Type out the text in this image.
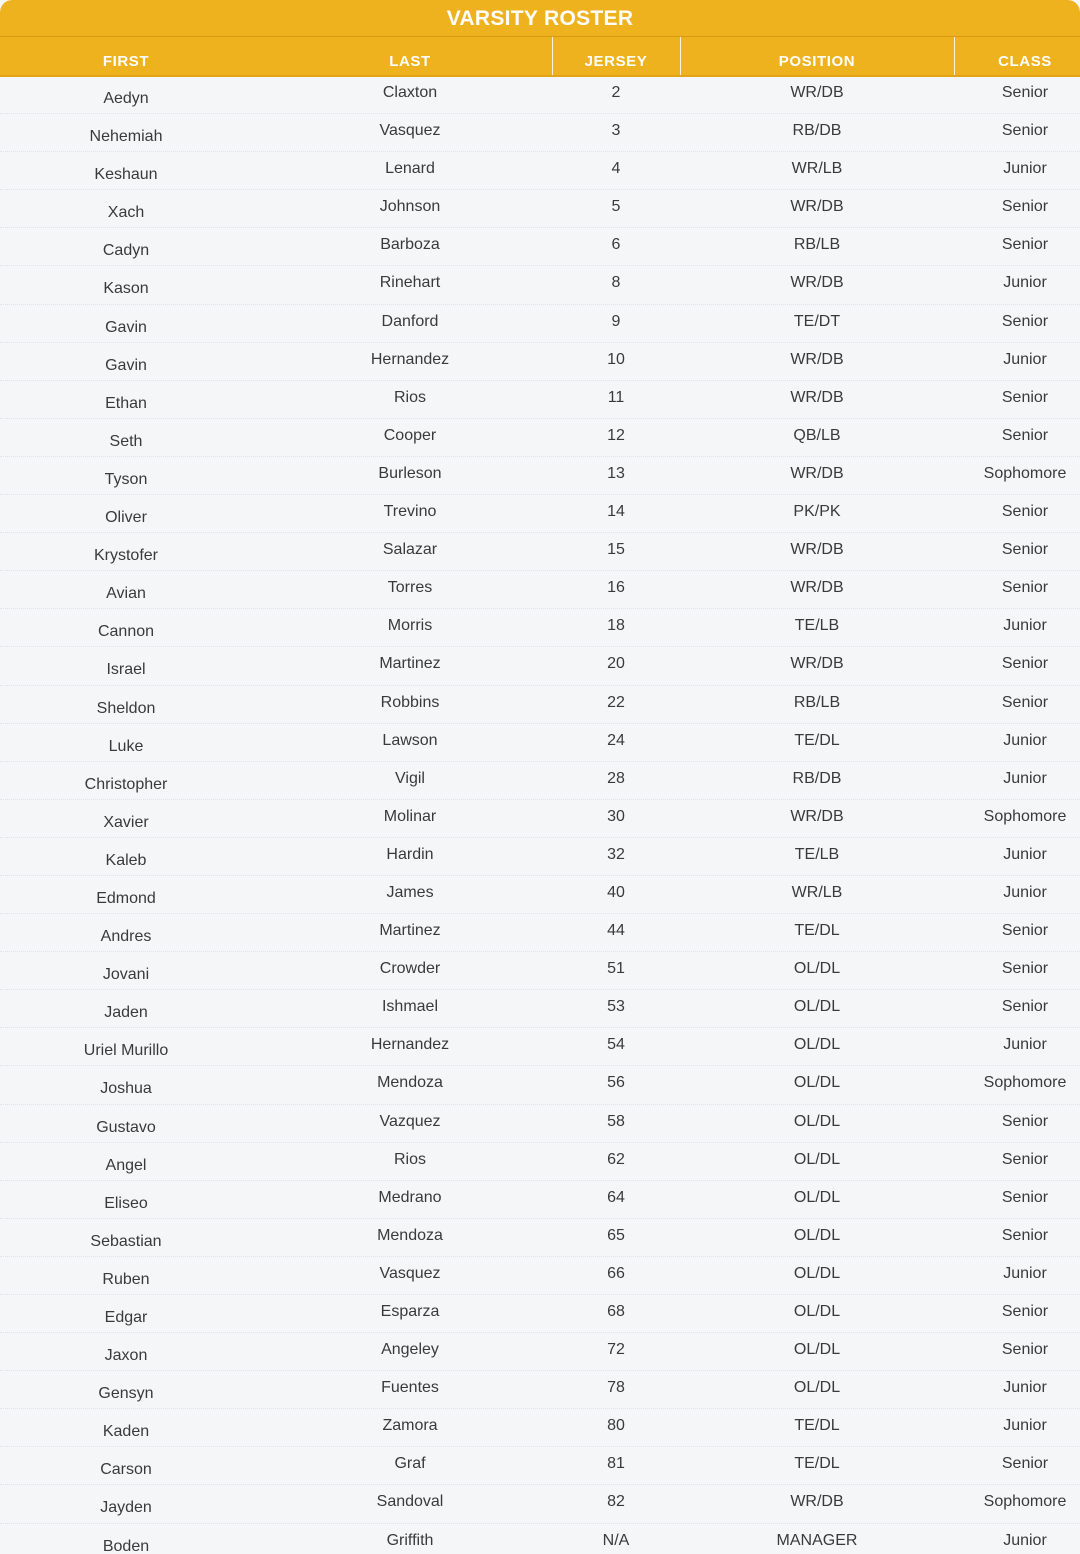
VARSITY ROSTER
FIRST	LAST	JERSEY	POSITION	CLASS
Aedyn	Claxton	2	WR/DB	Senior
Nehemiah	Vasquez	3	RB/DB	Senior
Keshaun	Lenard	4	WR/LB	Junior
Xach	Johnson	5	WR/DB	Senior
Cadyn	Barboza	6	RB/LB	Senior
Kason	Rinehart	8	WR/DB	Junior
Gavin	Danford	9	TE/DT	Senior
Gavin	Hernandez	10	WR/DB	Junior
Ethan	Rios	11	WR/DB	Senior
Seth	Cooper	12	QB/LB	Senior
Tyson	Burleson	13	WR/DB	Sophomore
Oliver	Trevino	14	PK/PK	Senior
Krystofer	Salazar	15	WR/DB	Senior
Avian	Torres	16	WR/DB	Senior
Cannon	Morris	18	TE/LB	Junior
Israel	Martinez	20	WR/DB	Senior
Sheldon	Robbins	22	RB/LB	Senior
Luke	Lawson	24	TE/DL	Junior
Christopher	Vigil	28	RB/DB	Junior
Xavier	Molinar	30	WR/DB	Sophomore
Kaleb	Hardin	32	TE/LB	Junior
Edmond	James	40	WR/LB	Junior
Andres	Martinez	44	TE/DL	Senior
Jovani	Crowder	51	OL/DL	Senior
Jaden	Ishmael	53	OL/DL	Senior
Uriel Murillo	Hernandez	54	OL/DL	Junior
Joshua	Mendoza	56	OL/DL	Sophomore
Gustavo	Vazquez	58	OL/DL	Senior
Angel	Rios	62	OL/DL	Senior
Eliseo	Medrano	64	OL/DL	Senior
Sebastian	Mendoza	65	OL/DL	Senior
Ruben	Vasquez	66	OL/DL	Junior
Edgar	Esparza	68	OL/DL	Senior
Jaxon	Angeley	72	OL/DL	Senior
Gensyn	Fuentes	78	OL/DL	Junior
Kaden	Zamora	80	TE/DL	Junior
Carson	Graf	81	TE/DL	Senior
Jayden	Sandoval	82	WR/DB	Sophomore
Boden	Griffith	N/A	MANAGER	Junior
